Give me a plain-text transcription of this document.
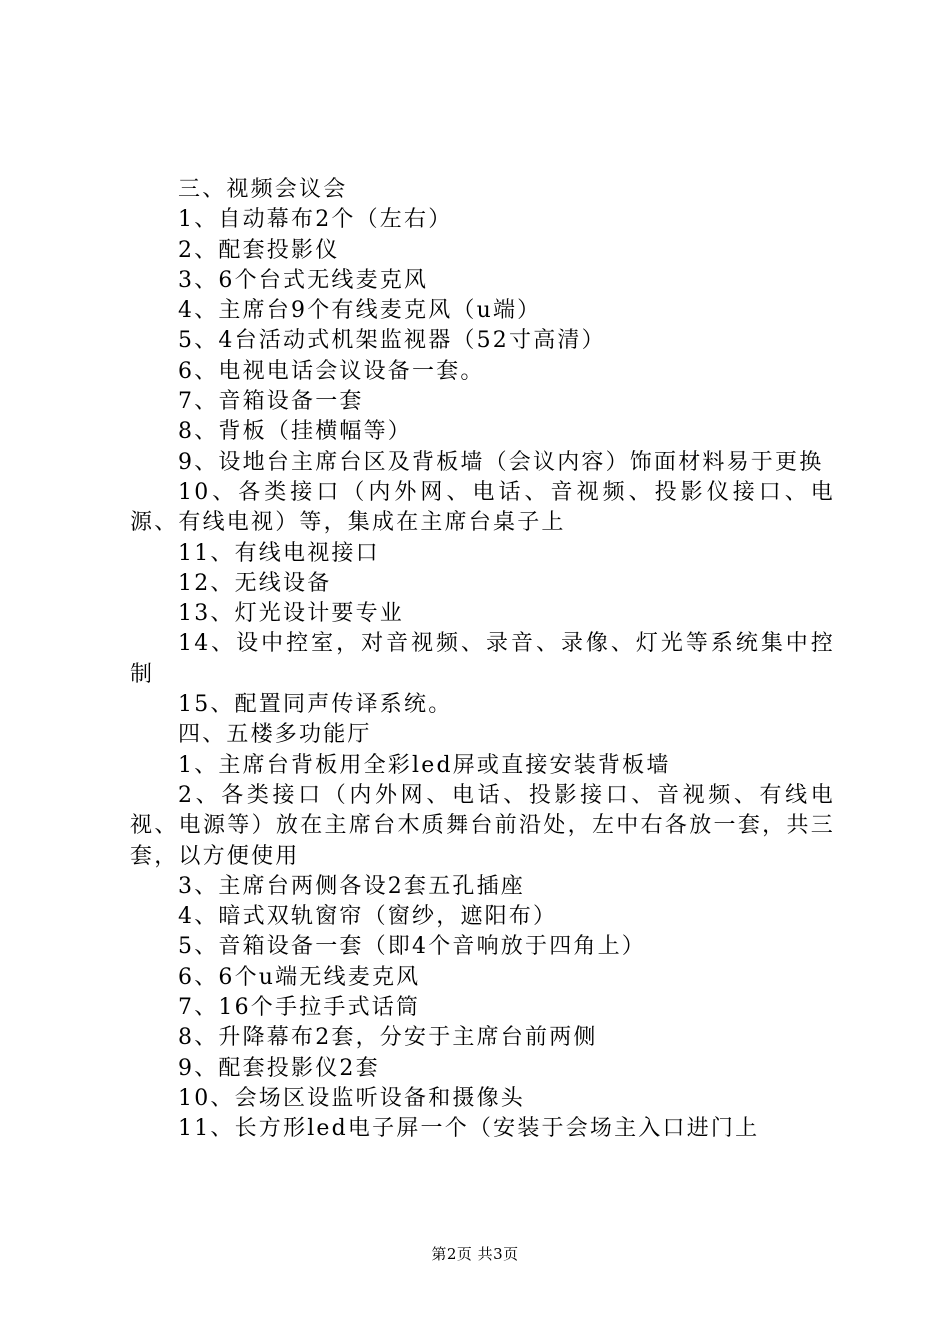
三、视频会议会

1、自动幕布2个（左右）

2、配套投影仪

3、6个台式无线麦克风

4、主席台9个有线麦克风（u端）

5、4台活动式机架监视器（52寸高清）

6、电视电话会议设备一套。

7、音箱设备一套

8、背板（挂横幅等）

9、设地台主席台区及背板墙（会议内容）饰面材料易于更换

10、各类接口（内外网、电话、音视频、投影仪接口、电源、有线电视）等，集成在主席台桌子上

11、有线电视接口

12、无线设备

13、灯光设计要专业

14、设中控室，对音视频、录音、录像、灯光等系统集中控制

15、配置同声传译系统。

四、五楼多功能厅

1、主席台背板用全彩led屏或直接安装背板墙

2、各类接口（内外网、电话、投影接口、音视频、有线电视、电源等）放在主席台木质舞台前沿处，左中右各放一套，共三套，以方便使用

3、主席台两侧各设2套五孔插座

4、暗式双轨窗帘（窗纱，遮阳布）

5、音箱设备一套（即4个音响放于四角上）

6、6个u端无线麦克风

7、16个手拉手式话筒

8、升降幕布2套，分安于主席台前两侧

9、配套投影仪2套

10、会场区设监听设备和摄像头

11、长方形led电子屏一个（安装于会场主入口进门上

第2页 共3页
